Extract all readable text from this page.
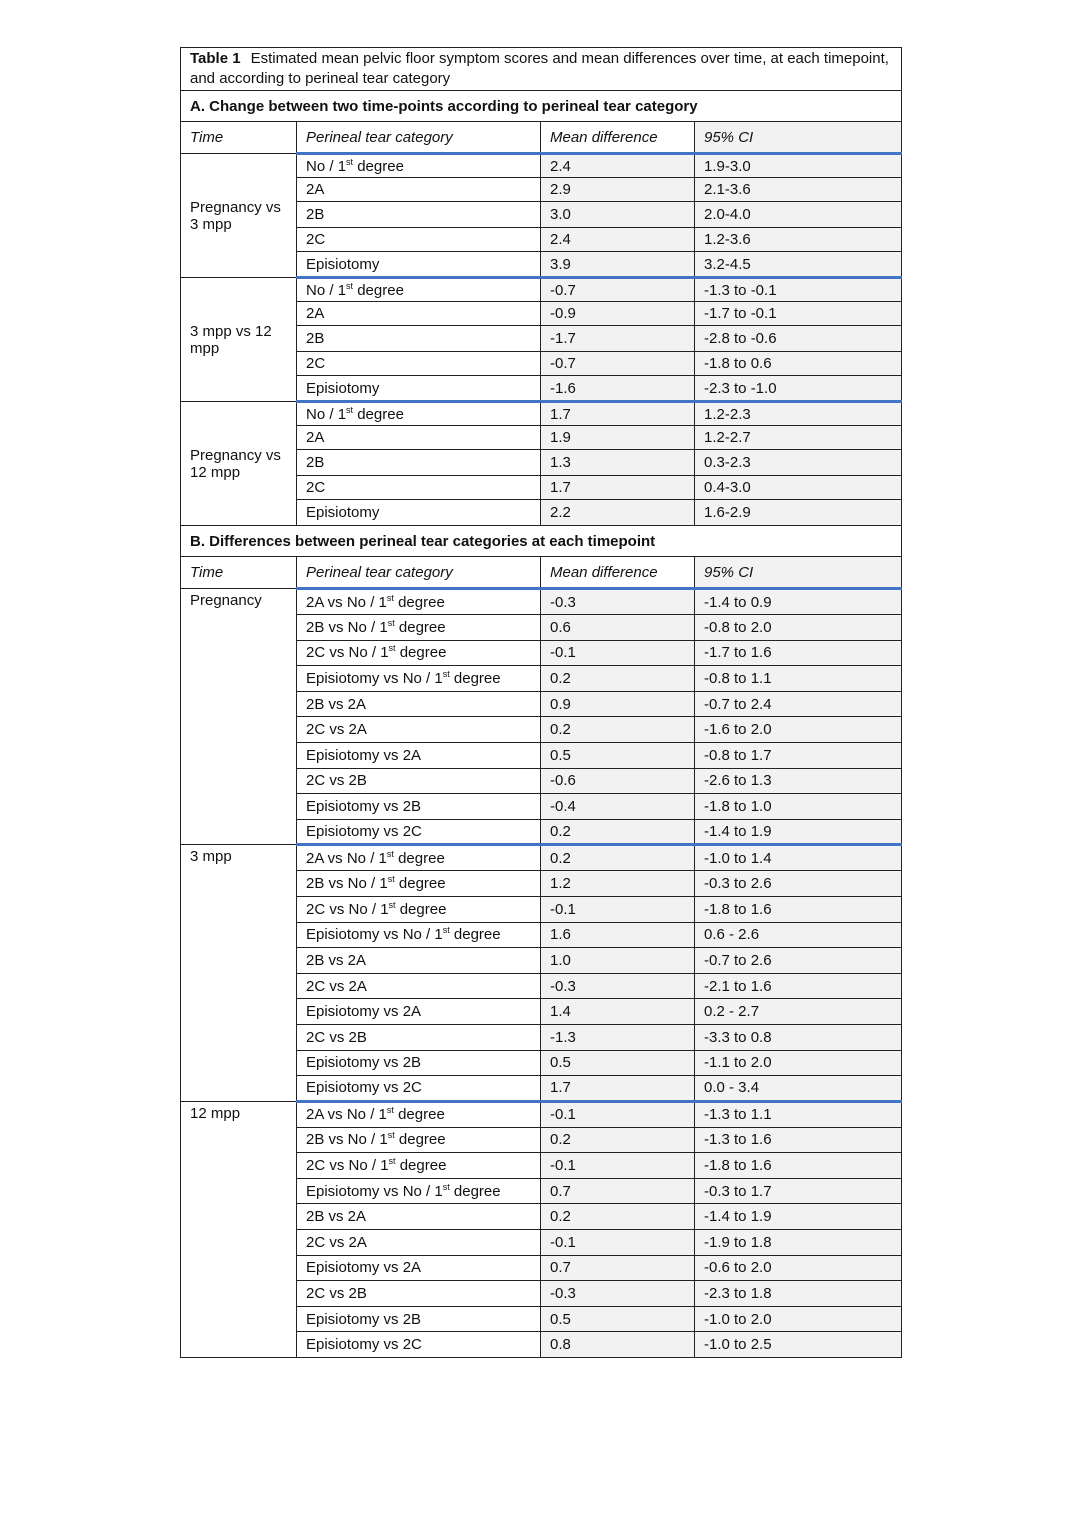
Table 1 Estimated mean pelvic floor symptom scores and mean differences over time, at each timepoint, and according to perineal tear category			
A. Change between two time-points according to perineal tear category			
Time	Perineal tear category	Mean difference	95% CI
Pregnancy vs 3 mpp	No / 1st degree	2.4	1.9-3.0
	2A	2.9	2.1-3.6
	2B	3.0	2.0-4.0
	2C	2.4	1.2-3.6
	Episiotomy	3.9	3.2-4.5
3 mpp vs 12 mpp	No / 1st degree	-0.7	-1.3 to -0.1
	2A	-0.9	-1.7 to -0.1
	2B	-1.7	-2.8 to -0.6
	2C	-0.7	-1.8 to 0.6
	Episiotomy	-1.6	-2.3 to -1.0
Pregnancy vs 12 mpp	No / 1st degree	1.7	1.2-2.3
	2A	1.9	1.2-2.7
	2B	1.3	0.3-2.3
	2C	1.7	0.4-3.0
	Episiotomy	2.2	1.6-2.9
B. Differences between perineal tear categories at each timepoint			
Time	Perineal tear category	Mean difference	95% CI
Pregnancy	2A vs No / 1st degree	-0.3	-1.4 to 0.9
	2B vs No / 1st degree	0.6	-0.8 to 2.0
	2C vs No / 1st degree	-0.1	-1.7 to 1.6
	Episiotomy vs No / 1st degree	0.2	-0.8 to 1.1
	2B vs 2A	0.9	-0.7 to 2.4
	2C vs 2A	0.2	-1.6 to 2.0
	Episiotomy vs 2A	0.5	-0.8 to 1.7
	2C vs 2B	-0.6	-2.6 to 1.3
	Episiotomy vs 2B	-0.4	-1.8 to 1.0
	Episiotomy vs 2C	0.2	-1.4 to 1.9
3 mpp	2A vs No / 1st degree	0.2	-1.0 to 1.4
	2B vs No / 1st degree	1.2	-0.3 to 2.6
	2C vs No / 1st degree	-0.1	-1.8 to 1.6
	Episiotomy vs No / 1st degree	1.6	0.6 - 2.6
	2B vs 2A	1.0	-0.7 to 2.6
	2C vs 2A	-0.3	-2.1 to 1.6
	Episiotomy vs 2A	1.4	0.2 - 2.7
	2C vs 2B	-1.3	-3.3 to 0.8
	Episiotomy vs 2B	0.5	-1.1 to 2.0
	Episiotomy vs 2C	1.7	0.0 - 3.4
12 mpp	2A vs No / 1st degree	-0.1	-1.3 to 1.1
	2B vs No / 1st degree	0.2	-1.3 to 1.6
	2C vs No / 1st degree	-0.1	-1.8 to 1.6
	Episiotomy vs No / 1st degree	0.7	-0.3 to 1.7
	2B vs 2A	0.2	-1.4 to 1.9
	2C vs 2A	-0.1	-1.9 to 1.8
	Episiotomy vs 2A	0.7	-0.6 to 2.0
	2C vs 2B	-0.3	-2.3 to 1.8
	Episiotomy vs 2B	0.5	-1.0 to 2.0
	Episiotomy vs 2C	0.8	-1.0 to 2.5
